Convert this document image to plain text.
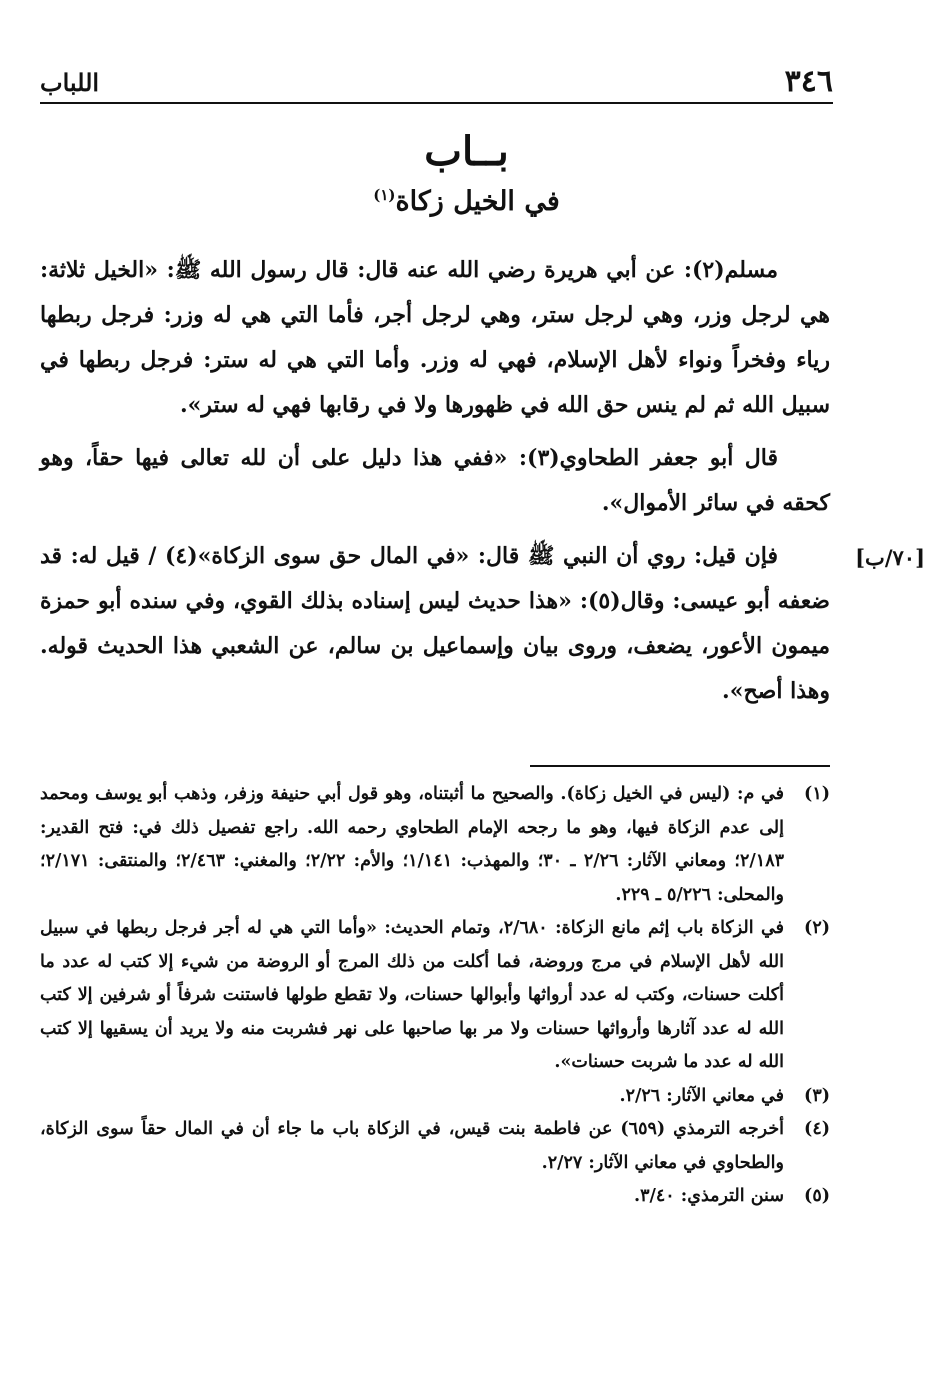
٣٤٦
اللباب
بــاب
في الخيل زكاة$^{(١)}$
[٧٠/ب]

مسلم(٢): عن أبي هريرة رضي الله عنه قال: قال رسول الله ﷺ: «الخيل ثلاثة: هي لرجل وزر، وهي لرجل ستر، وهي لرجل أجر، فأما التي هي له وزر: فرجل ربطها رياء وفخراً ونواء لأهل الإسلام، فهي له وزر. وأما التي هي له ستر: فرجل ربطها في سبيل الله ثم لم ينس حق الله في ظهورها ولا في رقابها فهي له ستر».

قال أبو جعفر الطحاوي(٣): «ففي هذا دليل على أن لله تعالى فيها حقاً، وهو كحقه في سائر الأموال».

فإن قيل: روي أن النبي ﷺ قال: «في المال حق سوى الزكاة»(٤) / قيل له: قد ضعفه أبو عيسى: وقال(٥): «هذا حديث ليس إسناده بذلك القوي، وفي سنده أبو حمزة ميمون الأعور، يضعف، وروى بيان وإسماعيل بن سالم، عن الشعبي هذا الحديث قوله. وهذا أصح».

(١)
في م: (ليس في الخيل زكاة). والصحيح ما أثبتناه، وهو قول أبي حنيفة وزفر، وذهب أبو يوسف ومحمد إلى عدم الزكاة فيها، وهو ما رجحه الإمام الطحاوي رحمه الله. راجع تفصيل ذلك في: فتح القدير: ٢/١٨٣؛ ومعاني الآثار: ٢/٢٦ ـ ٣٠؛ والمهذب: ١/١٤١؛ والأم: ٢/٢٢؛ والمغني: ٢/٤٦٣؛ والمنتقى: ٢/١٧١؛ والمحلى: ٥/٢٢٦ ـ ٢٢٩.
(٢)
في الزكاة باب إثم مانع الزكاة: ٢/٦٨٠، وتمام الحديث: «وأما التي هي له أجر فرجل ربطها في سبيل الله لأهل الإسلام في مرج وروضة، فما أكلت من ذلك المرج أو الروضة من شيء إلا كتب له عدد ما أكلت حسنات، وكتب له عدد أرواثها وأبوالها حسنات، ولا تقطع طولها فاستنت شرفاً أو شرفين إلا كتب الله له عدد آثارها وأرواثها حسنات ولا مر بها صاحبها على نهر فشربت منه ولا يريد أن يسقيها إلا كتب الله له عدد ما شربت حسنات».
(٣)
في معاني الآثار: ٢/٢٦.
(٤)
أخرجه الترمذي (٦٥٩) عن فاطمة بنت قيس، في الزكاة باب ما جاء أن في المال حقاً سوى الزكاة، والطحاوي في معاني الآثار: ٢/٢٧.
(٥)
سنن الترمذي: ٣/٤٠.
